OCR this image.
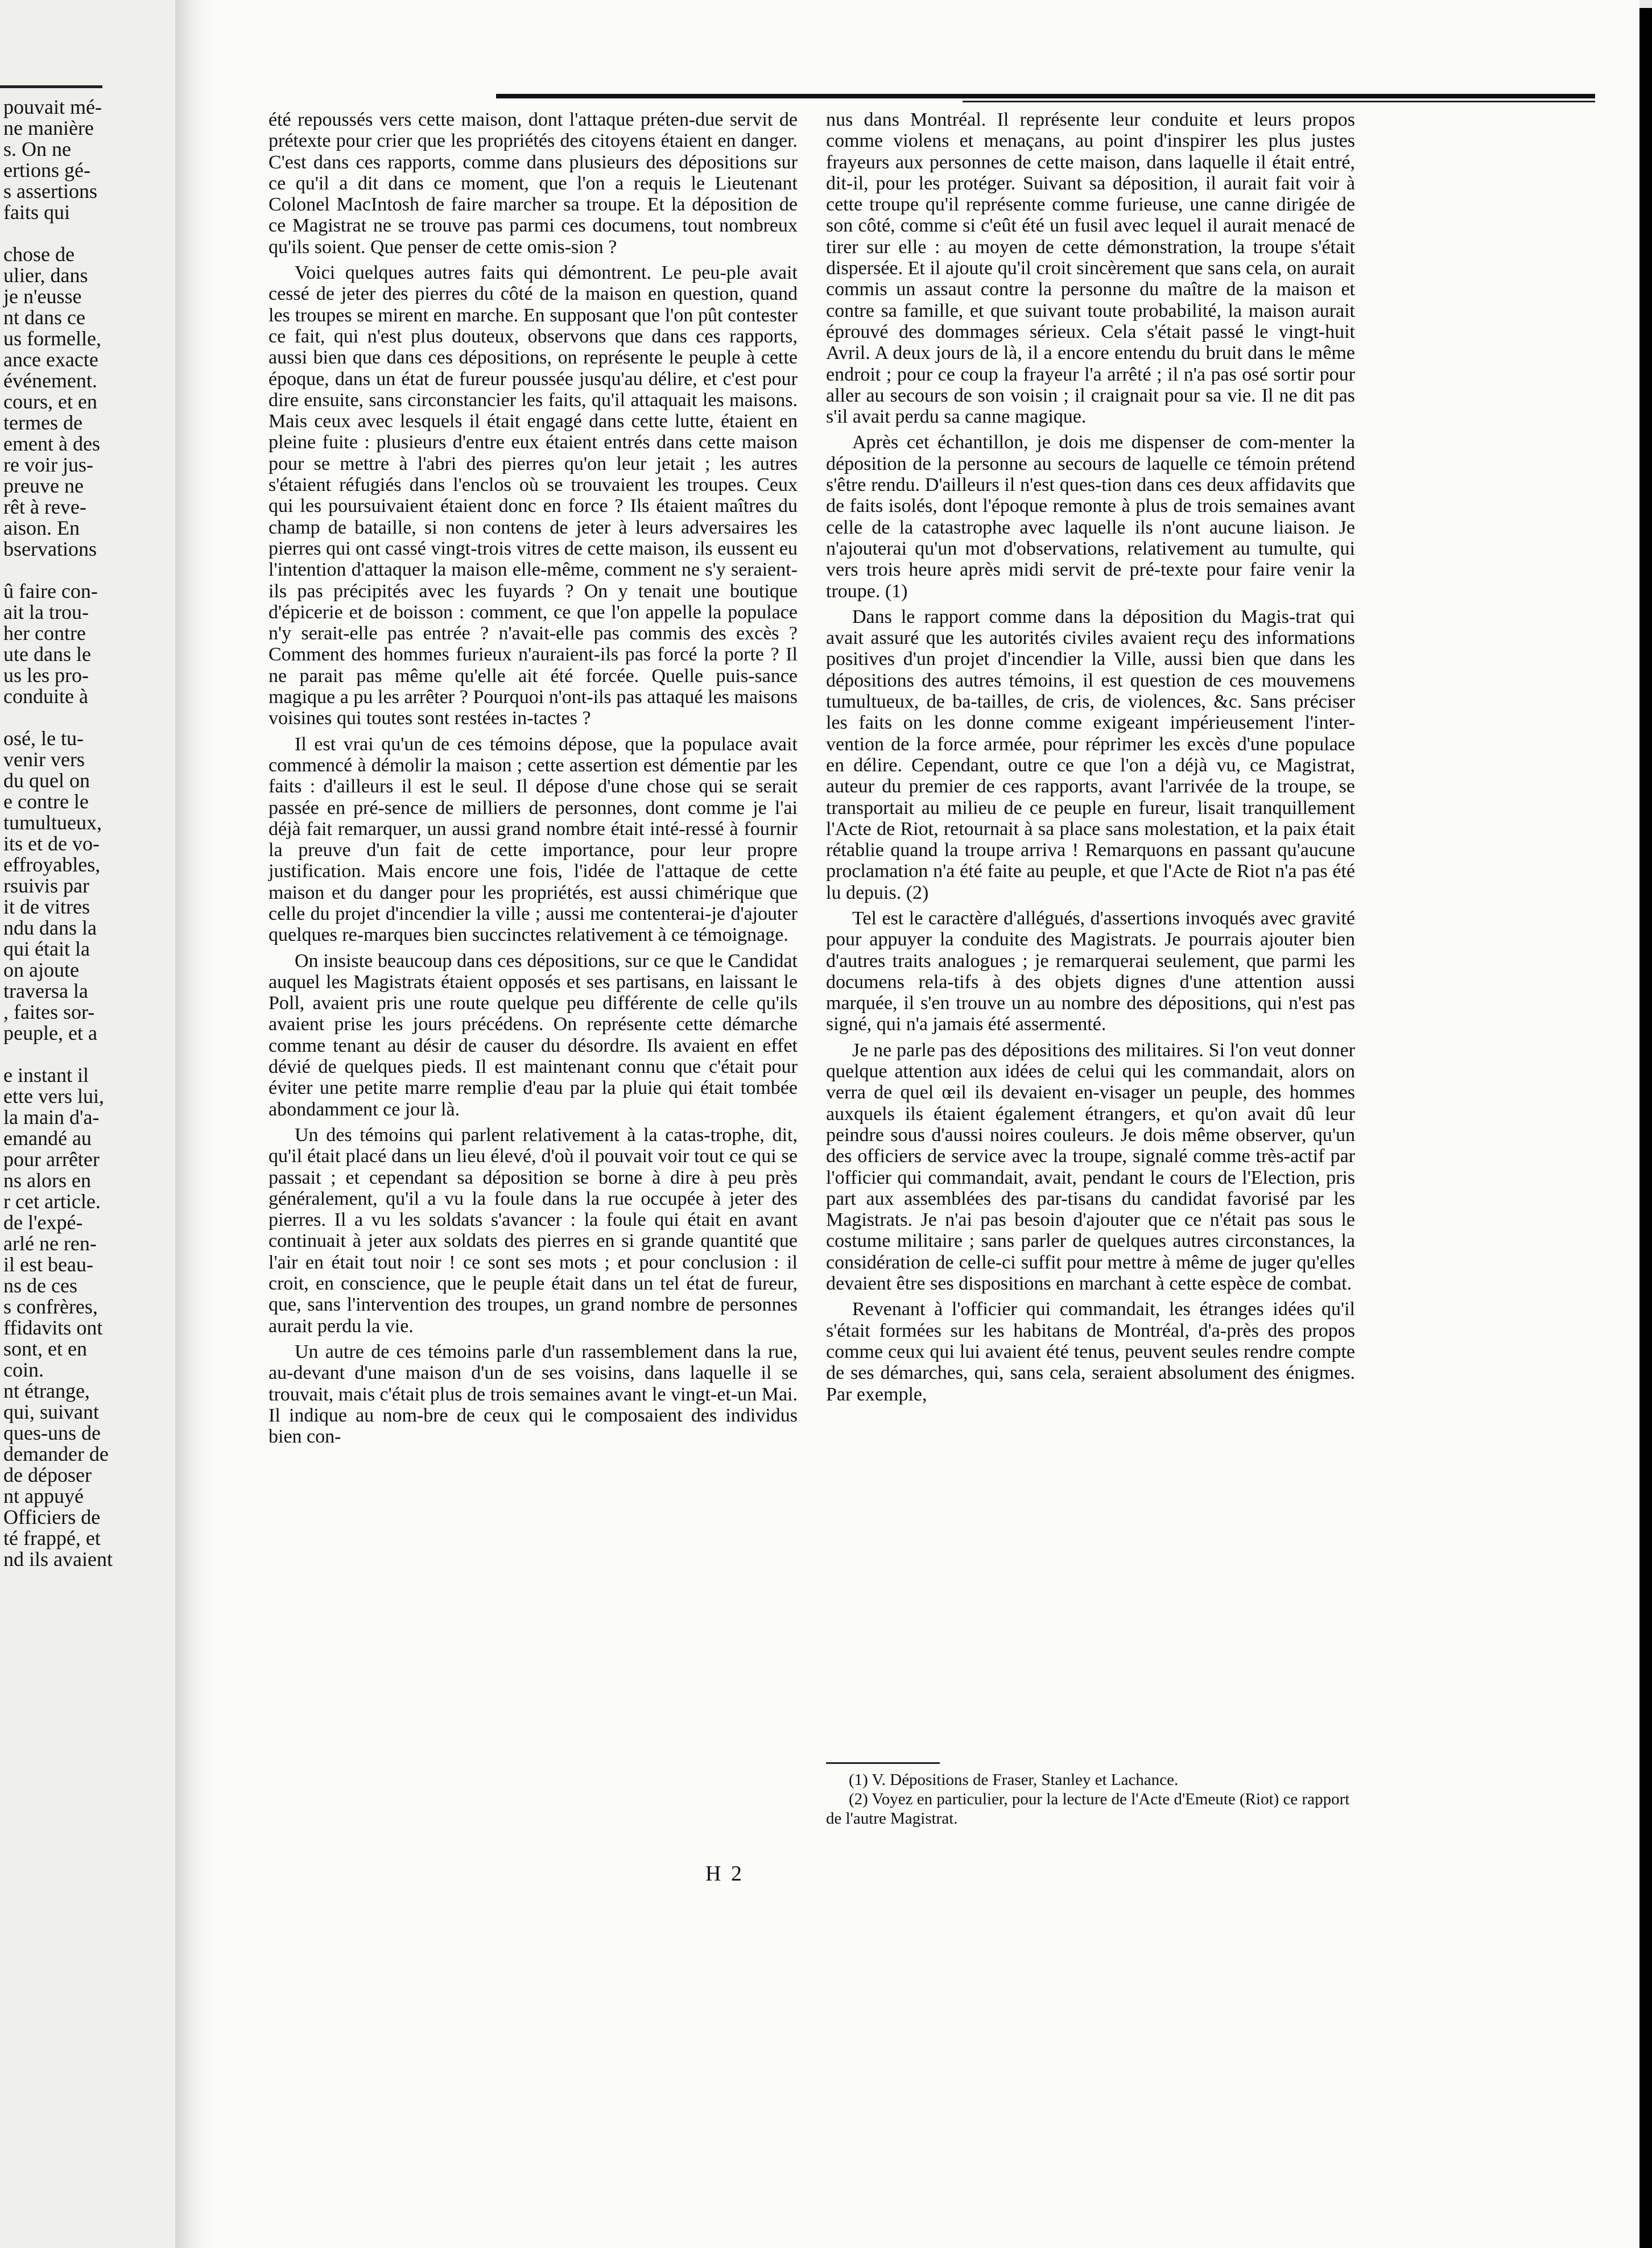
pouvait mé-
ne manière
s. On ne
ertions gé-
s assertions
faits qui
chose de
ulier, dans
je n'eusse
nt dans ce
us formelle,
ance exacte
événement.
cours, et en
termes de
ement à des
re voir jus-
preuve ne
rêt à reve-
aison. En
bservations
û faire con-
ait la trou-
her contre
ute dans le
us les pro-
conduite à
osé, le tu-
venir vers
du quel on
e contre le
tumultueux,
its et de vo-
effroyables,
rsuivis par
it de vitres
ndu dans la
qui était la
on ajoute
traversa la
, faites sor-
peuple, et a
e instant il
ette vers lui,
la main d'a-
emandé au
pour arrêter
ns alors en
r cet article.
de l'expé-
arlé ne ren-
il est beau-
ns de ces
s confrères,
ffidavits ont
sont, et en
coin.
nt étrange,
qui, suivant
ques-uns de
demander de
de déposer
nt appuyé
Officiers de
té frappé, et
nd ils avaient

été repoussés vers cette maison, dont l'attaque préten-due servit de prétexte pour crier que les propriétés des citoyens étaient en danger. C'est dans ces rapports, comme dans plusieurs des dépositions sur ce qu'il a dit dans ce moment, que l'on a requis le Lieutenant Colonel MacIntosh de faire marcher sa troupe. Et la déposition de ce Magistrat ne se trouve pas parmi ces documens, tout nombreux qu'ils soient. Que penser de cette omis-sion ?

Voici quelques autres faits qui démontrent. Le peu-ple avait cessé de jeter des pierres du côté de la maison en question, quand les troupes se mirent en marche. En supposant que l'on pût contester ce fait, qui n'est plus douteux, observons que dans ces rapports, aussi bien que dans ces dépositions, on représente le peuple à cette époque, dans un état de fureur poussée jusqu'au délire, et c'est pour dire ensuite, sans circonstancier les faits, qu'il attaquait les maisons. Mais ceux avec lesquels il était engagé dans cette lutte, étaient en pleine fuite : plusieurs d'entre eux étaient entrés dans cette maison pour se mettre à l'abri des pierres qu'on leur jetait ; les autres s'étaient réfugiés dans l'enclos où se trouvaient les troupes. Ceux qui les poursuivaient étaient donc en force ? Ils étaient maîtres du champ de bataille, si non contens de jeter à leurs adversaires les pierres qui ont cassé vingt-trois vitres de cette maison, ils eussent eu l'intention d'attaquer la maison elle-même, comment ne s'y seraient-ils pas précipités avec les fuyards ? On y tenait une boutique d'épicerie et de boisson : comment, ce que l'on appelle la populace n'y serait-elle pas entrée ? n'avait-elle pas commis des excès ? Comment des hommes furieux n'auraient-ils pas forcé la porte ? Il ne parait pas même qu'elle ait été forcée. Quelle puis-sance magique a pu les arrêter ? Pourquoi n'ont-ils pas attaqué les maisons voisines qui toutes sont restées in-tactes ?

Il est vrai qu'un de ces témoins dépose, que la populace avait commencé à démolir la maison ; cette assertion est démentie par les faits : d'ailleurs il est le seul. Il dépose d'une chose qui se serait passée en pré-sence de milliers de personnes, dont comme je l'ai déjà fait remarquer, un aussi grand nombre était inté-ressé à fournir la preuve d'un fait de cette importance, pour leur propre justification. Mais encore une fois, l'idée de l'attaque de cette maison et du danger pour les propriétés, est aussi chimérique que celle du projet d'incendier la ville ; aussi me contenterai-je d'ajouter quelques re-marques bien succinctes relativement à ce témoignage.

On insiste beaucoup dans ces dépositions, sur ce que le Candidat auquel les Magistrats étaient opposés et ses partisans, en laissant le Poll, avaient pris une route quelque peu différente de celle qu'ils avaient prise les jours précédens. On représente cette démarche comme tenant au désir de causer du désordre. Ils avaient en effet dévié de quelques pieds. Il est maintenant connu que c'était pour éviter une petite marre remplie d'eau par la pluie qui était tombée abondamment ce jour là.

Un des témoins qui parlent relativement à la catas-trophe, dit, qu'il était placé dans un lieu élevé, d'où il pouvait voir tout ce qui se passait ; et cependant sa déposition se borne à dire à peu près généralement, qu'il a vu la foule dans la rue occupée à jeter des pierres. Il a vu les soldats s'avancer : la foule qui était en avant continuait à jeter aux soldats des pierres en si grande quantité que l'air en était tout noir ! ce sont ses mots ; et pour conclusion : il croit, en conscience, que le peuple était dans un tel état de fureur, que, sans l'intervention des troupes, un grand nombre de personnes aurait perdu la vie.

Un autre de ces témoins parle d'un rassemblement dans la rue, au-devant d'une maison d'un de ses voisins, dans laquelle il se trouvait, mais c'était plus de trois semaines avant le vingt-et-un Mai. Il indique au nom-bre de ceux qui le composaient des individus bien con-

nus dans Montréal. Il représente leur conduite et leurs propos comme violens et menaçans, au point d'inspirer les plus justes frayeurs aux personnes de cette maison, dans laquelle il était entré, dit-il, pour les protéger. Suivant sa déposition, il aurait fait voir à cette troupe qu'il représente comme furieuse, une canne dirigée de son côté, comme si c'eût été un fusil avec lequel il aurait menacé de tirer sur elle : au moyen de cette démonstration, la troupe s'était dispersée. Et il ajoute qu'il croit sincèrement que sans cela, on aurait commis un assaut contre la personne du maître de la maison et contre sa famille, et que suivant toute probabilité, la maison aurait éprouvé des dommages sérieux. Cela s'était passé le vingt-huit Avril. A deux jours de là, il a encore entendu du bruit dans le même endroit ; pour ce coup la frayeur l'a arrêté ; il n'a pas osé sortir pour aller au secours de son voisin ; il craignait pour sa vie. Il ne dit pas s'il avait perdu sa canne magique.

Après cet échantillon, je dois me dispenser de com-menter la déposition de la personne au secours de laquelle ce témoin prétend s'être rendu. D'ailleurs il n'est ques-tion dans ces deux affidavits que de faits isolés, dont l'époque remonte à plus de trois semaines avant celle de la catastrophe avec laquelle ils n'ont aucune liaison. Je n'ajouterai qu'un mot d'observations, relativement au tumulte, qui vers trois heure après midi servit de pré-texte pour faire venir la troupe. (1)

Dans le rapport comme dans la déposition du Magis-trat qui avait assuré que les autorités civiles avaient reçu des informations positives d'un projet d'incendier la Ville, aussi bien que dans les dépositions des autres témoins, il est question de ces mouvemens tumultueux, de ba-tailles, de cris, de violences, &c. Sans préciser les faits on les donne comme exigeant impérieusement l'inter-vention de la force armée, pour réprimer les excès d'une populace en délire. Cependant, outre ce que l'on a déjà vu, ce Magistrat, auteur du premier de ces rapports, avant l'arrivée de la troupe, se transportait au milieu de ce peuple en fureur, lisait tranquillement l'Acte de Riot, retournait à sa place sans molestation, et la paix était rétablie quand la troupe arriva ! Remarquons en passant qu'aucune proclamation n'a été faite au peuple, et que l'Acte de Riot n'a pas été lu depuis. (2)

Tel est le caractère d'allégués, d'assertions invoqués avec gravité pour appuyer la conduite des Magistrats. Je pourrais ajouter bien d'autres traits analogues ; je remarquerai seulement, que parmi les documens rela-tifs à des objets dignes d'une attention aussi marquée, il s'en trouve un au nombre des dépositions, qui n'est pas signé, qui n'a jamais été assermenté.

Je ne parle pas des dépositions des militaires. Si l'on veut donner quelque attention aux idées de celui qui les commandait, alors on verra de quel œil ils devaient en-visager un peuple, des hommes auxquels ils étaient également étrangers, et qu'on avait dû leur peindre sous d'aussi noires couleurs. Je dois même observer, qu'un des officiers de service avec la troupe, signalé comme très-actif par l'officier qui commandait, avait, pendant le cours de l'Election, pris part aux assemblées des par-tisans du candidat favorisé par les Magistrats. Je n'ai pas besoin d'ajouter que ce n'était pas sous le costume militaire ; sans parler de quelques autres circonstances, la considération de celle-ci suffit pour mettre à même de juger qu'elles devaient être ses dispositions en marchant à cette espèce de combat.

Revenant à l'officier qui commandait, les étranges idées qu'il s'était formées sur les habitans de Montréal, d'a-près des propos comme ceux qui lui avaient été tenus, peuvent seules rendre compte de ses démarches, qui, sans cela, seraient absolument des énigmes. Par exemple,

(1) V. Dépositions de Fraser, Stanley et Lachance.

(2) Voyez en particulier, pour la lecture de l'Acte d'Emeute (Riot) ce rapport de l'autre Magistrat.

H 2
